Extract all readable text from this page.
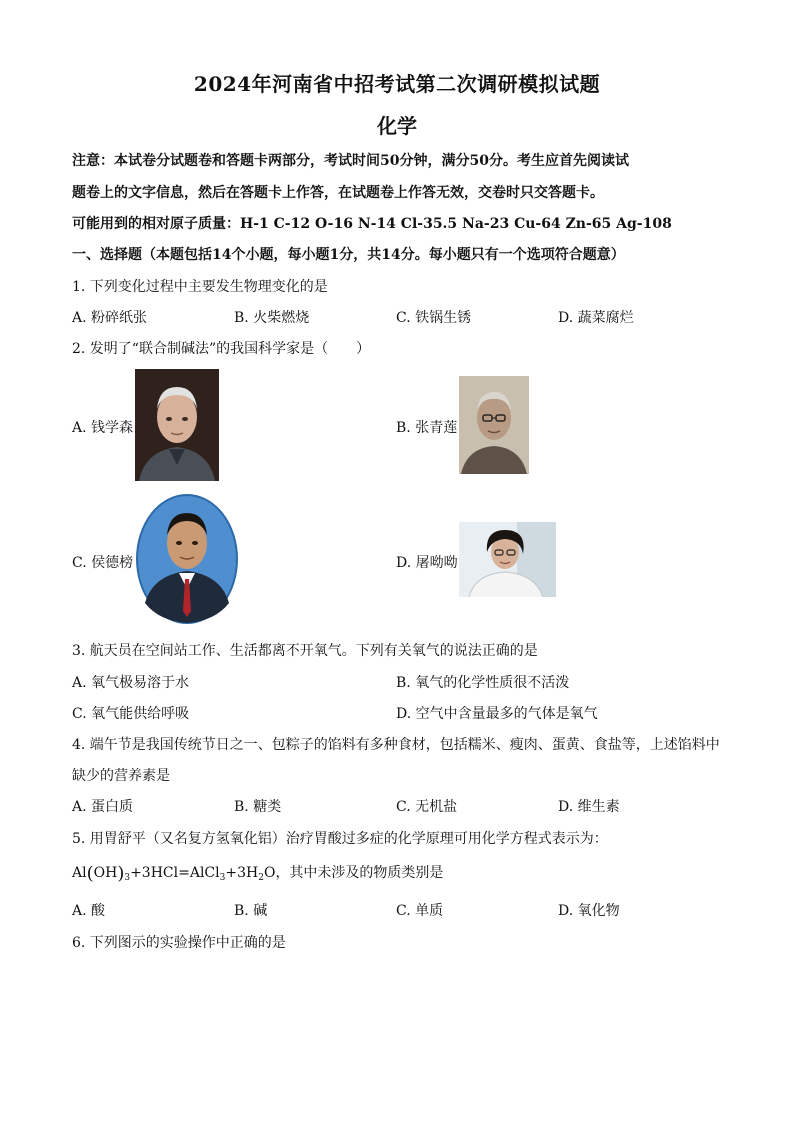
2024年河南省中招考试第二次调研模拟试题
化学
注意：本试卷分试题卷和答题卡两部分，考试时间50分钟，满分50分。考生应首先阅读试
题卷上的文字信息，然后在答题卡上作答，在试题卷上作答无效，交卷时只交答题卡。
可能用到的相对原子质量：H-1 C-12 O-16 N-14 Cl-35.5 Na-23 Cu-64 Zn-65 Ag-108
一、选择题（本题包括14个小题，每小题1分，共14分。每小题只有一个选项符合题意）
1. 下列变化过程中主要发生物理变化的是
A. 粉碎纸张	B. 火柴燃烧	C. 铁锅生锈	D. 蔬菜腐烂
2. 发明了“联合制碱法”的我国科学家是（　　）
A. 钱学森	B. 张青莲
C. 侯德榜	D. 屠呦呦
3. 航天员在空间站工作、生活都离不开氧气。下列有关氧气的说法正确的是
A. 氧气极易溶于水	B. 氧气的化学性质很不活泼
C. 氧气能供给呼吸	D. 空气中含量最多的气体是氧气
4. 端午节是我国传统节日之一、包粽子的馅料有多种食材，包括糯米、瘦肉、蛋黄、食盐等，上述馅料中
缺少的营养素是
A. 蛋白质	B. 糖类	C. 无机盐	D. 维生素
5. 用胃舒平（又名复方氢氧化铝）治疗胃酸过多症的化学原理可用化学方程式表示为：
$Al(OH)_3+3HCl=AlCl_3+3H_2O$，其中未涉及的物质类别是
A. 酸	B. 碱	C. 单质	D. 氧化物
6. 下列图示的实验操作中正确的是
